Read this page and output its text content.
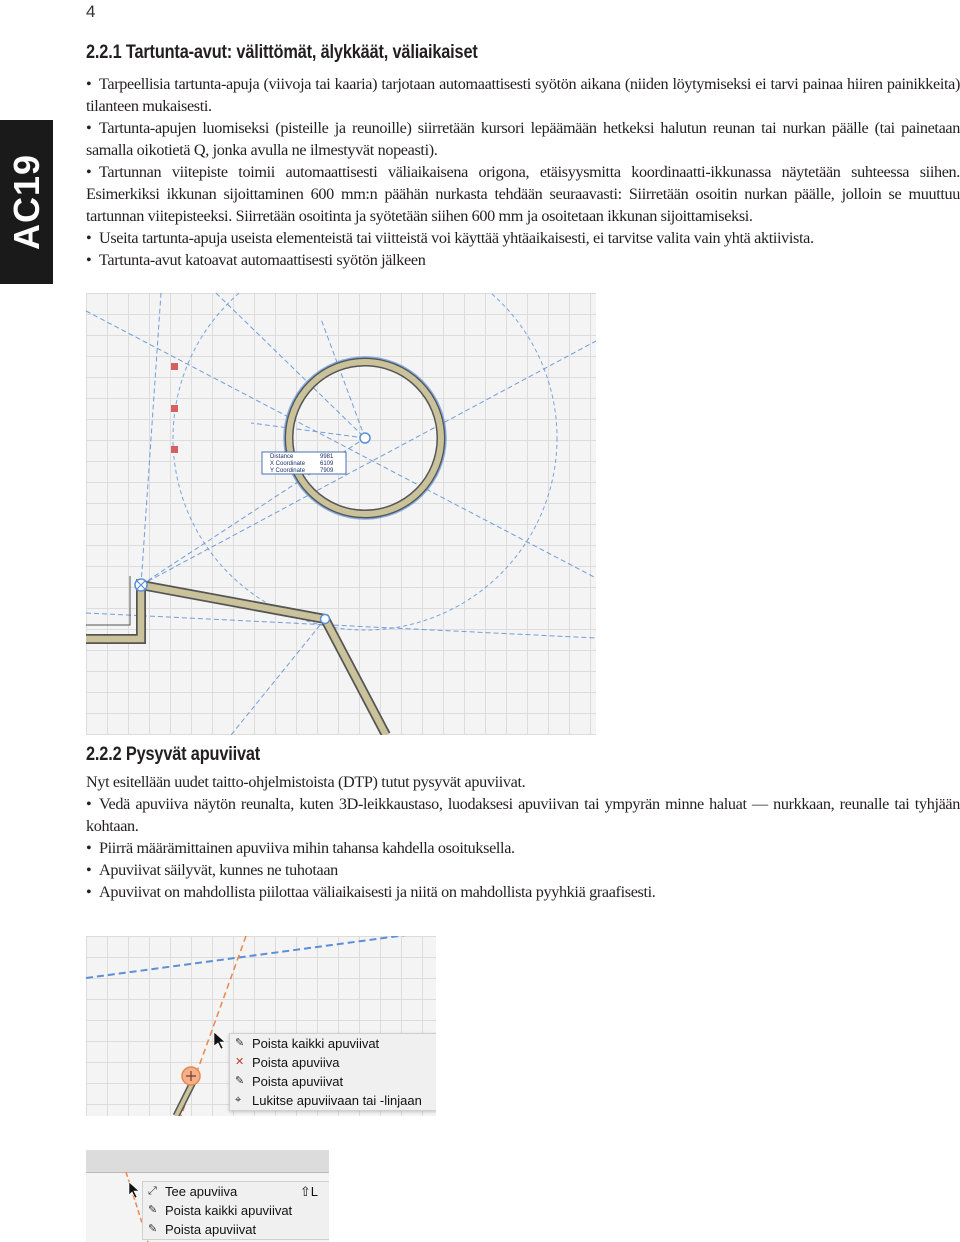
4
AC19
2.2.1 Tartunta-avut: välittömät, älykkäät, väliaikaiset
• Tarpeellisia tartunta-apuja (viivoja tai kaaria) tarjotaan automaattisesti syötön aikana (niiden löytymiseksi ei tarvi painaa hiiren painikkeita) tilanteen mukaisesti.
• Tartunta-apujen luomiseksi (pisteille ja reunoille) siirretään kursori lepäämään hetkeksi halutun reunan tai nurkan päälle (tai painetaan samalla oikotietä Q, jonka avulla ne ilmestyvät nopeasti).
• Tartunnan viitepiste toimii automaattisesti väliaikaisena origona, etäisyysmitta koordinaatti-ikkunassa näytetään suhteessa siihen. Esimerkiksi ikkunan sijoittaminen 600 mm:n päähän nurkasta tehdään seuraavasti: Siirretään osoitin nurkan päälle, jolloin se muuttuu tartunnan viitepisteeksi. Siirretään osoitinta ja syötetään siihen 600 mm ja osoitetaan ikkunan sijoittamiseksi.
• Useita tartunta-apuja useista elementeistä tai viitteistä voi käyttää yhtäaikaisesti, ei tarvitse valita vain yhtä aktiivista.
• Tartunta-avut katoavat automaattisesti syötön jälkeen
Distance	9981
X Coordinate 6109
Y Coordinate	7909
2.2.2 Pysyvät apuviivat

Nyt esitellään uudet taitto-ohjelmistoista (DTP) tutut pysyvät apuviivat.

• Vedä apuviiva näytön reunalta, kuten 3D-leikkaustaso, luodaksesi apuviivan tai ympyrän minne haluat — nurkkaan, reunalle tai tyhjään kohtaan.
• Piirrä määrämittainen apuviiva mihin tahansa kahdella osoituksella.
• Apuviivat säilyvät, kunnes ne tuhotaan
• Apuviivat on mahdollista piilottaa väliaikaisesti ja niitä on mahdollista pyyhkiä graafisesti.
✎ Poista kaikki apuviivat
✕ Poista apuviiva
✎ Poista apuviivat
⌖ Lukitse apuviivaan tai -linjaan
⤢ Tee apuviiva	⇧L
✎ Poista kaikki apuviivat
✎ Poista apuviivat
